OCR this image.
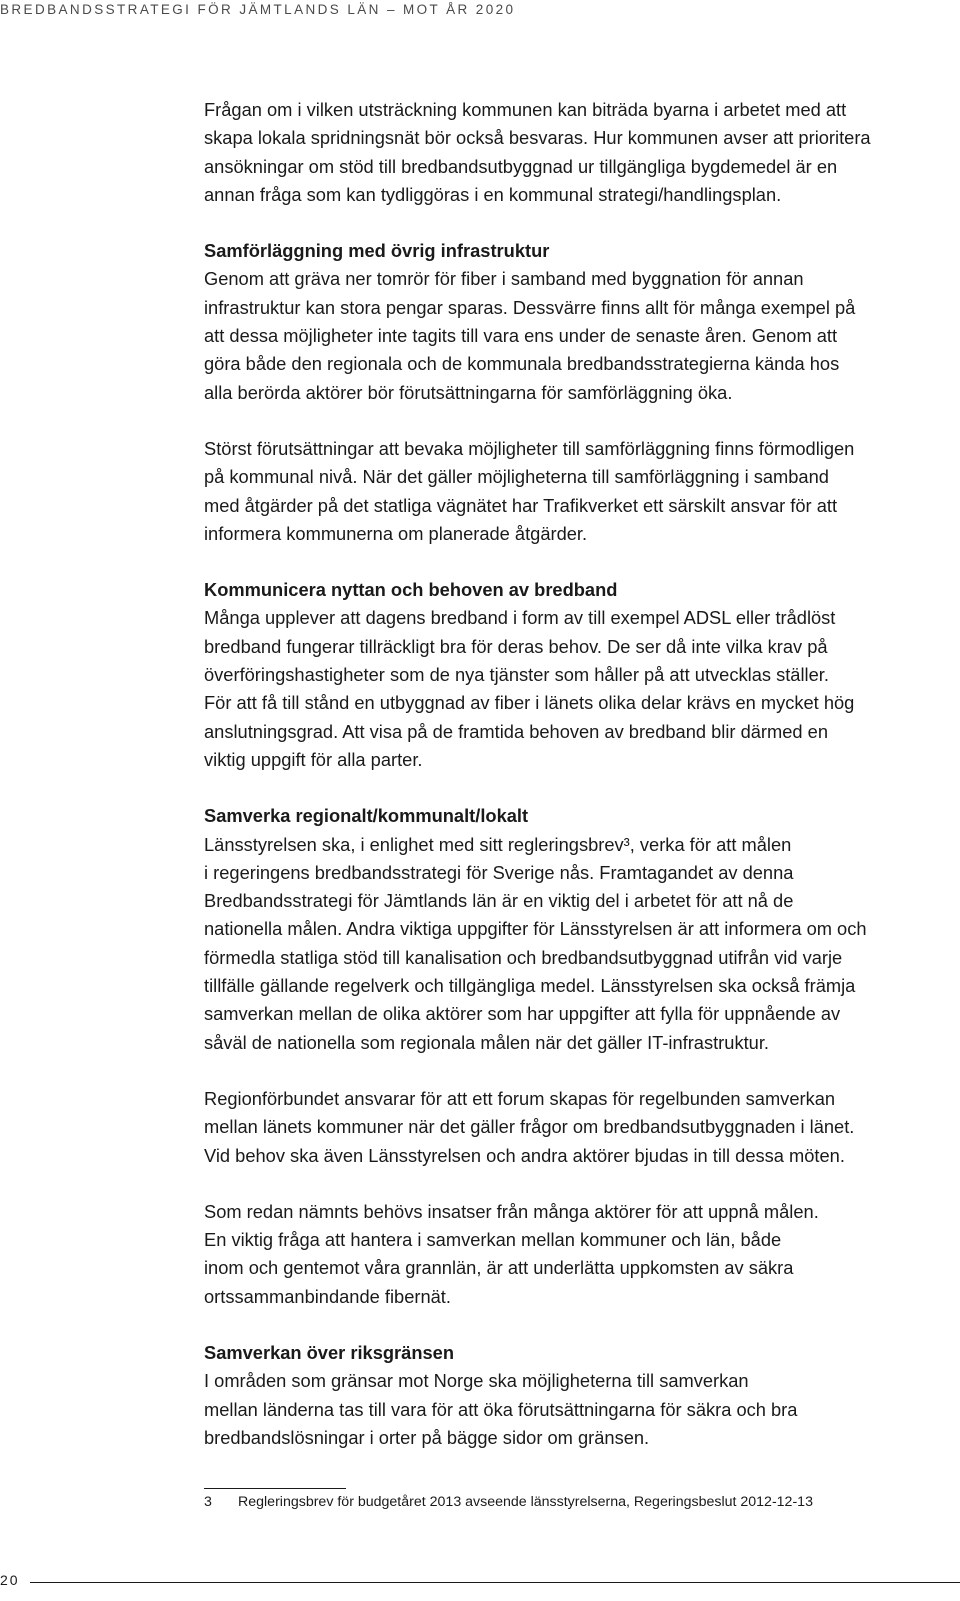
BREDBANDSSTRATEGI FÖR JÄMTLANDS LÄN – MOT ÅR 2020
Frågan om i vilken utsträckning kommunen kan biträda byarna i arbetet med att
skapa lokala spridningsnät bör också besvaras. Hur kommunen avser att prioritera
ansökningar om stöd till bredbandsutbyggnad ur tillgängliga bygdemedel är en
annan fråga som kan tydliggöras i en kommunal strategi/handlingsplan.
Samförläggning med övrig infrastruktur
Genom att gräva ner tomrör för fiber i samband med byggnation för annan
infrastruktur kan stora pengar sparas. Dessvärre finns allt för många exempel på
att dessa möjligheter inte tagits till vara ens under de senaste åren. Genom att
göra både den regionala och de kommunala bredbandsstrategierna kända hos
alla berörda aktörer bör förutsättningarna för samförläggning öka.
Störst förutsättningar att bevaka möjligheter till samförläggning finns förmodligen
på kommunal nivå. När det gäller möjligheterna till samförläggning i samband
med åtgärder på det statliga vägnätet har Trafikverket ett särskilt ansvar för att
informera kommunerna om planerade åtgärder.
Kommunicera nyttan och behoven av bredband
Många upplever att dagens bredband i form av till exempel ADSL eller trådlöst
bredband fungerar tillräckligt bra för deras behov. De ser då inte vilka krav på
överföringshastigheter som de nya tjänster som håller på att utvecklas ställer.
För att få till stånd en utbyggnad av fiber i länets olika delar krävs en mycket hög
anslutningsgrad. Att visa på de framtida behoven av bredband blir därmed en
viktig uppgift för alla parter.
Samverka regionalt/kommunalt/lokalt
Länsstyrelsen ska, i enlighet med sitt regleringsbrev³, verka för att målen
i regeringens bredbandsstrategi för Sverige nås. Framtagandet av denna
Bredbandsstrategi för Jämtlands län är en viktig del i arbetet för att nå de
nationella målen. Andra viktiga uppgifter för Länsstyrelsen är att informera om och
förmedla statliga stöd till kanalisation och bredbandsutbyggnad utifrån vid varje
tillfälle gällande regelverk och tillgängliga medel. Länsstyrelsen ska också främja
samverkan mellan de olika aktörer som har uppgifter att fylla för uppnående av
såväl de nationella som regionala målen när det gäller IT-infrastruktur.
Regionförbundet ansvarar för att ett forum skapas för regelbunden samverkan
mellan länets kommuner när det gäller frågor om bredbandsutbyggnaden i länet.
Vid behov ska även Länsstyrelsen och andra aktörer bjudas in till dessa möten.
Som redan nämnts behövs insatser från många aktörer för att uppnå målen.
En viktig fråga att hantera i samverkan mellan kommuner och län, både
inom och gentemot våra grannlän, är att underlätta uppkomsten av säkra
ortssammanbindande fibernät.
Samverkan över riksgränsen
I områden som gränsar mot Norge ska möjligheterna till samverkan
mellan länderna tas till vara för att öka förutsättningarna för säkra och bra
bredbandslösningar i orter på bägge sidor om gränsen.
3 Regleringsbrev för budgetåret 2013 avseende länsstyrelserna, Regeringsbeslut 2012-12-13
20
